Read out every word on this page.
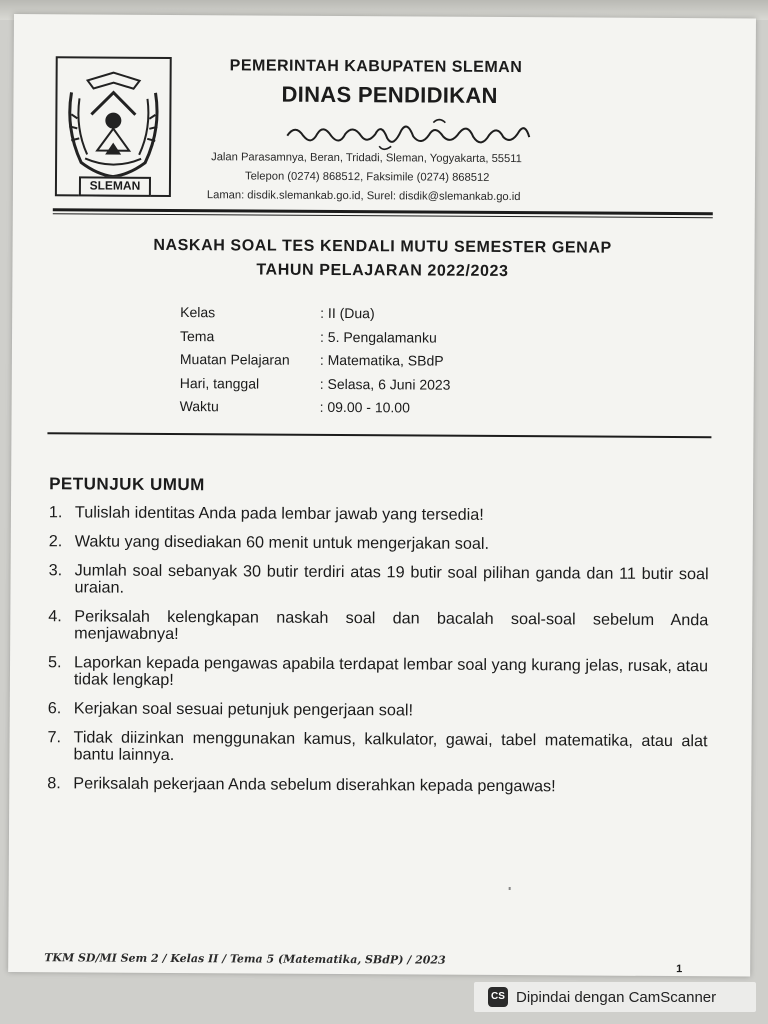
SLEMAN
PEMERINTAH KABUPATEN SLEMAN
DINAS PENDIDIKAN
Jalan Parasamnya, Beran, Tridadi, Sleman, Yogyakarta, 55511
Telepon (0274) 868512, Faksimile (0274) 868512
Laman: disdik.slemankab.go.id, Surel: disdik@slemankab.go.id
NASKAH SOAL TES KENDALI MUTU SEMESTER GENAP
TAHUN PELAJARAN 2022/2023
Kelas	: II (Dua)
Tema	: 5. Pengalamanku
Muatan Pelajaran	: Matematika, SBdP
Hari, tanggal	: Selasa, 6 Juni 2023
Waktu	: 09.00 - 10.00
PETUNJUK UMUM
1. Tulislah identitas Anda pada lembar jawab yang tersedia!
2. Waktu yang disediakan 60 menit untuk mengerjakan soal.
3. Jumlah soal sebanyak 30 butir terdiri atas 19 butir soal pilihan ganda dan 11 butir soal uraian.
4. Periksalah kelengkapan naskah soal dan bacalah soal-soal sebelum Anda menjawabnya!
5. Laporkan kepada pengawas apabila terdapat lembar soal yang kurang jelas, rusak, atau tidak lengkap!
6. Kerjakan soal sesuai petunjuk pengerjaan soal!
7. Tidak diizinkan menggunakan kamus, kalkulator, gawai, tabel matematika, atau alat bantu lainnya.
8. Periksalah pekerjaan Anda sebelum diserahkan kepada pengawas!
TKM SD/MI Sem 2 / Kelas II / Tema 5 (Matematika, SBdP) / 2023
1
CS Dipindai dengan CamScanner
